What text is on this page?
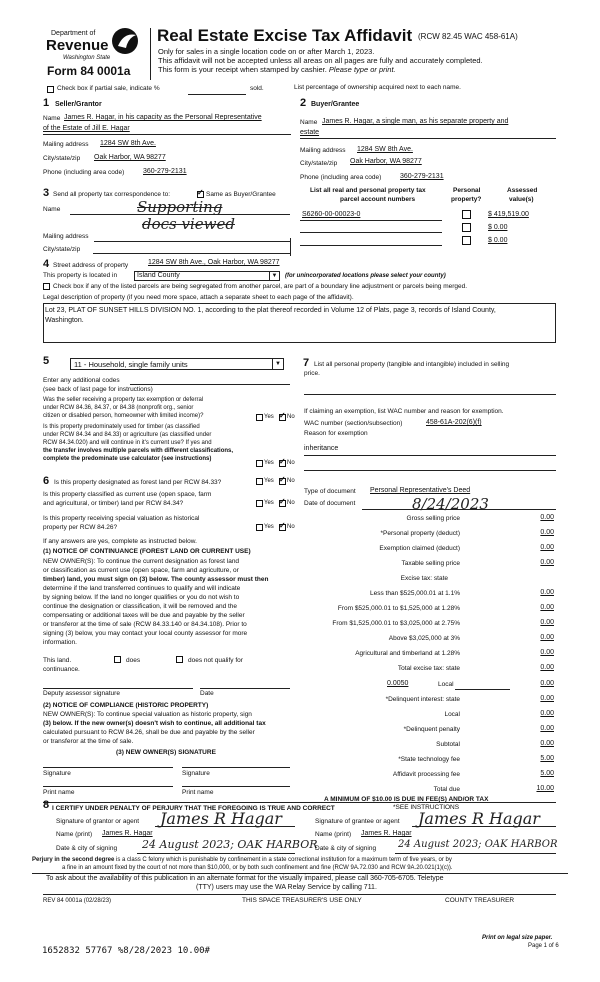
Department of
Revenue
Washington State
Form 84 0001a
Real Estate Excise Tax Affidavit (RCW 82.45 WAC 458-61A)
Only for sales in a single location code on or after March 1, 2023.
This affidavit will not be accepted unless all areas on all pages are fully and accurately completed.
This form is your receipt when stamped by cashier. Please type or print.
Check box if partial sale, indicate %	sold.	List percentage of ownership acquired next to each name.
1 Seller/Grantor
Name James R. Hagar, in his capacity as the Personal Representative
of the Estate of Jill E. Hagar
Mailing address 1284 SW 8th Ave.
City/state/zip Oak Harbor, WA 98277
Phone (including area code)	360-279-2131
2 Buyer/Grantee
Name James R. Hagar, a single man, as his separate property and
estate
Mailing address 1284 SW 8th Ave.
City/state/zip Oak Harbor, WA 98277
Phone (including area code)	360-279-2131
3 Send all property tax correspondence to: ✓	Same as Buyer/Grantee
Name	Supporting
docs viewed
Mailing address
City/state/zip
List all real and personal property tax
parcel account numbers
Personal
property?
Assessed
value(s)
S6260-00-00023-0	$ 419,519.00
$ 0.00
$ 0.00
4 Street address of property	1284 SW 8th Ave., Oak Harbor, WA 98277
This property is located in	Island County	▼ (for unincorporated locations please select your county)
Check box if any of the listed parcels are being segregated from another parcel, are part of a boundary line adjustment or parcels being merged.
Legal description of property (if you need more space, attach a separate sheet to each page of the affidavit).
Lot 23, PLAT OF SUNSET HILLS DIVISION NO. 1, according to the plat thereof recorded in Volume 12 of Plats, page 3, records of Island County,
Washington.
5	11 - Household, single family units	▼
Enter any additional codes
(see back of last page for instructions)
Was the seller receiving a property tax exemption or deferral
under RCW 84.36, 84.37, or 84.38 (nonprofit org., senior
citizen or disabled person, homeowner with limited income)?	Yes ✓ No
Is this property predominately used for timber (as classified
under RCW 84.34 and 84.33) or agriculture (as classified under
RCW 84.34.020) and will continue in it's current use? If yes and
the transfer involves multiple parcels with different classifications,
complete the predominate use calculator (see instructions)
Yes ✓ No
6 Is this property designated as forest land per RCW 84.33?	Yes ✓ No
Is this property classified as current use (open space, farm
and agricultural, or timber) land per RCW 84.34?	Yes ✓ No
Is this property receiving special valuation as historical
property per RCW 84.26?	Yes ✓ No
If any answers are yes, complete as instructed below.
(1) NOTICE OF CONTINUANCE (FOREST LAND OR CURRENT USE)
NEW OWNER(S): To continue the current designation as forest land
or classification as current use (open space, farm and agriculture, or
timber) land, you must sign on (3) below. The county assessor must then
determine if the land transferred continues to qualify and will indicate
by signing below. If the land no longer qualifies or you do not wish to
continue the designation or classification, it will be removed and the
compensating or additional taxes will be due and payable by the seller
or transferor at the time of sale (RCW 84.33.140 or 84.34.108). Prior to
signing (3) below, you may contact your local county assessor for more
information.
This land.
continuance.
does	does not qualify for
Deputy assessor signature	Date
(2) NOTICE OF COMPLIANCE (HISTORIC PROPERTY)
NEW OWNER(S): To continue special valuation as historic property, sign
(3) below. If the new owner(s) doesn't wish to continue, all additional tax
calculated pursuant to RCW 84.26, shall be due and payable by the seller
or transferor at the time of sale.
(3) NEW OWNER(S) SIGNATURE
Signature	Signature
Print name	Print name
7 List all personal property (tangible and intangible) included in selling
price.
If claiming an exemption, list WAC number and reason for exemption.
WAC number (section/subsection)	458-61A-202(6)(f)
Reason for exemption
inheritance
Type of document Personal Representative's Deed
Date of document	8/24/2023
Gross selling price	0.00
*Personal property (deduct)	0.00
Exemption claimed (deduct)	0.00
Taxable selling price	0.00
Excise tax: state
Less than $525,000.01 at 1.1%	0.00
From $525,000.01 to $1,525,000 at 1.28%	0.00
From $1,525,000.01 to $3,025,000 at 2.75%	0.00
Above $3,025,000 at 3%	0.00
Agricultural and timberland at 1.28%	0.00
Total excise tax: state	0.00
0.0050	Local	0.00
*Delinquent interest: state	0.00
Local	0.00
*Delinquent penalty	0.00
Subtotal	0.00
*State technology fee	5.00
Affidavit processing fee	5.00
Total due	10.00
A MINIMUM OF $10.00 IS DUE IN FEE(S) AND/OR TAX
*SEE INSTRUCTIONS
8 I CERTIFY UNDER PENALTY OF PERJURY THAT THE FOREGOING IS TRUE AND CORRECT
Signature of grantor or agent James R Hagar	Signature of grantee or agent James R Hagar
Name (print) James R. Hagar	Name (print) James R. Hagar
Date & city of signing 24 August 2023; OAK HARBOR
Date & city of signing 24 August 2023; OAK HARBOR
Perjury in the second degree is a class C felony which is punishable by confinement in a state correctional institution for a maximum term of five years, or by
a fine in an amount fixed by the court of not more than $10,000, or by both such confinement and fine (RCW 9A.72.030 and RCW 9A.20.021(1)(c)).
To ask about the availability of this publication in an alternate format for the visually impaired, please call 360-705-6705. Teletype
(TTY) users may use the WA Relay Service by calling 711.
REV 84 0001a (02/28/23)	THIS SPACE TREASURER'S USE ONLY	COUNTY TREASURER
Print on legal size paper.
Page 1 of 6
1652832 57767 %8/28/2023 10.00#
